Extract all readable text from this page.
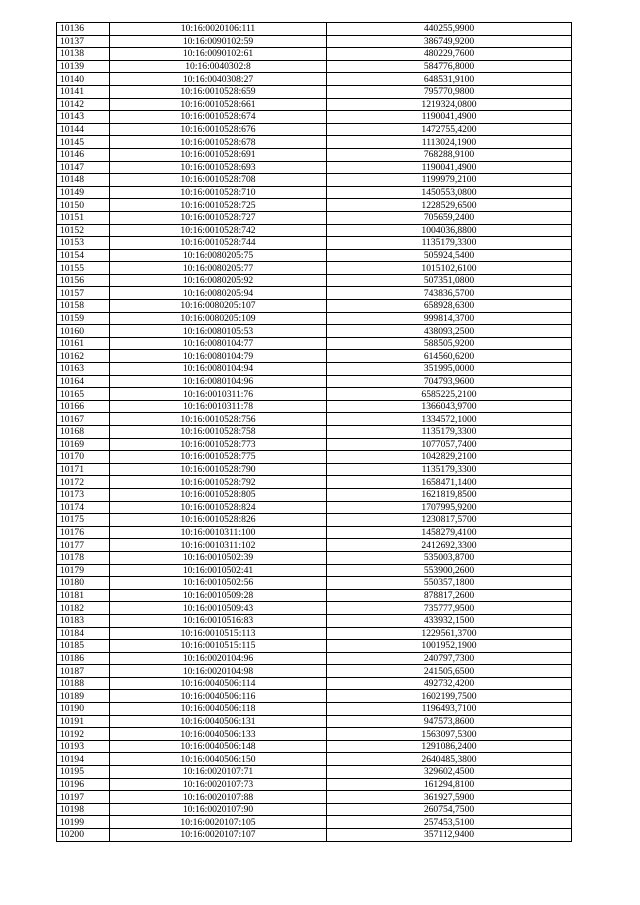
10136	10:16:0020106:111	440255,9900
10137	10:16:0090102:59	386749,9200
10138	10:16:0090102:61	480229,7600
10139	10:16:0040302:8	584776,8000
10140	10:16:0040308:27	648531,9100
10141	10:16:0010528:659	795770,9800
10142	10:16:0010528:661	1219324,0800
10143	10:16:0010528:674	1190041,4900
10144	10:16:0010528:676	1472755,4200
10145	10:16:0010528:678	1113024,1900
10146	10:16:0010528:691	768288,9100
10147	10:16:0010528:693	1190041,4900
10148	10:16:0010528:708	1199979,2100
10149	10:16:0010528:710	1450553,0800
10150	10:16:0010528:725	1228529,6500
10151	10:16:0010528:727	705659,2400
10152	10:16:0010528:742	1004036,8800
10153	10:16:0010528:744	1135179,3300
10154	10:16:0080205:75	505924,5400
10155	10:16:0080205:77	1015102,6100
10156	10:16:0080205:92	507351,0800
10157	10:16:0080205:94	743836,5700
10158	10:16:0080205:107	658928,6300
10159	10:16:0080205:109	999814,3700
10160	10:16:0080105:53	438093,2500
10161	10:16:0080104:77	588505,9200
10162	10:16:0080104:79	614560,6200
10163	10:16:0080104:94	351995,0000
10164	10:16:0080104:96	704793,9600
10165	10:16:0010311:76	6585225,2100
10166	10:16:0010311:78	1366043,9700
10167	10:16:0010528:756	1334572,1000
10168	10:16:0010528:758	1135179,3300
10169	10:16:0010528:773	1077057,7400
10170	10:16:0010528:775	1042829,2100
10171	10:16:0010528:790	1135179,3300
10172	10:16:0010528:792	1658471,1400
10173	10:16:0010528:805	1621819,8500
10174	10:16:0010528:824	1707995,9200
10175	10:16:0010528:826	1230817,5700
10176	10:16:0010311:100	1458279,4100
10177	10:16:0010311:102	2412692,3300
10178	10:16:0010502:39	535003,8700
10179	10:16:0010502:41	553900,2600
10180	10:16:0010502:56	550357,1800
10181	10:16:0010509:28	878817,2600
10182	10:16:0010509:43	735777,9500
10183	10:16:0010516:83	433932,1500
10184	10:16:0010515:113	1229561,3700
10185	10:16:0010515:115	1001952,1900
10186	10:16:0020104:96	240797,7300
10187	10:16:0020104:98	241505,6500
10188	10:16:0040506:114	492732,4200
10189	10:16:0040506:116	1602199,7500
10190	10:16:0040506:118	1196493,7100
10191	10:16:0040506:131	947573,8600
10192	10:16:0040506:133	1563097,5300
10193	10:16:0040506:148	1291086,2400
10194	10:16:0040506:150	2640485,3800
10195	10:16:0020107:71	329602,4500
10196	10:16:0020107:73	161294,8100
10197	10:16:0020107:88	361927,5900
10198	10:16:0020107:90	260754,7500
10199	10:16:0020107:105	257453,5100
10200	10:16:0020107:107	357112,9400
